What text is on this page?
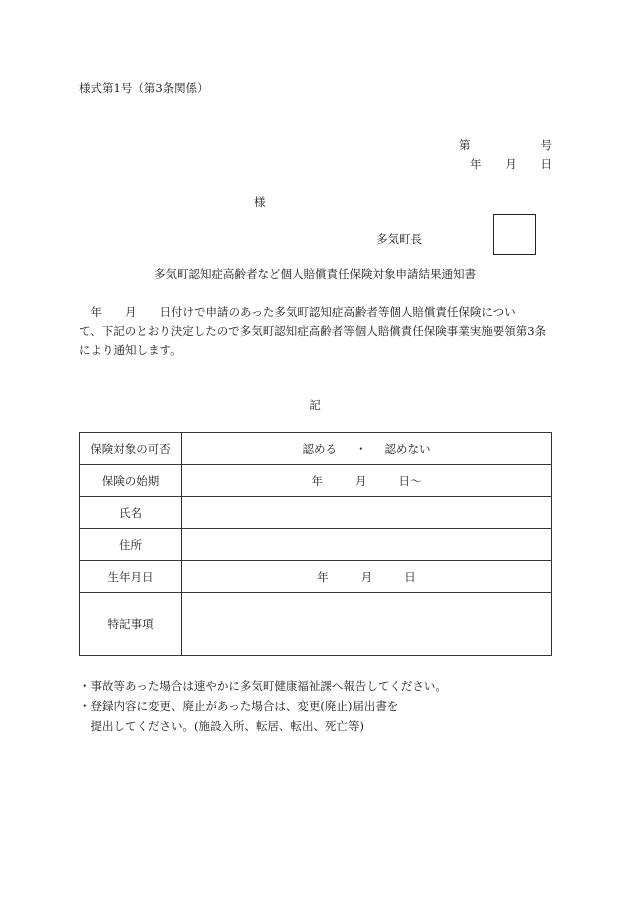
様式第1号（第3条関係）
第	号
年 月 日
様
多気町長
多気町認知症高齢者など個人賠償責任保険対象申請結果通知書
　年　　月　　日付けで申請のあった多気町認知症高齢者等個人賠償責任保険につい
て、下記のとおり決定したので多気町認知症高齢者等個人賠償責任保険事業実施要領第3条
により通知します。
記
保険対象の可否	認める ・ 認めない

保険の始期	年 月 日～

氏名	
住所	
生年月日	年 月 日

特記事項	
・事故等あった場合は速やかに多気町健康福祉課へ報告してください。
・登録内容に変更、廃止があった場合は、変更(廃止)届出書を
　提出してください。(施設入所、転居、転出、死亡等)
